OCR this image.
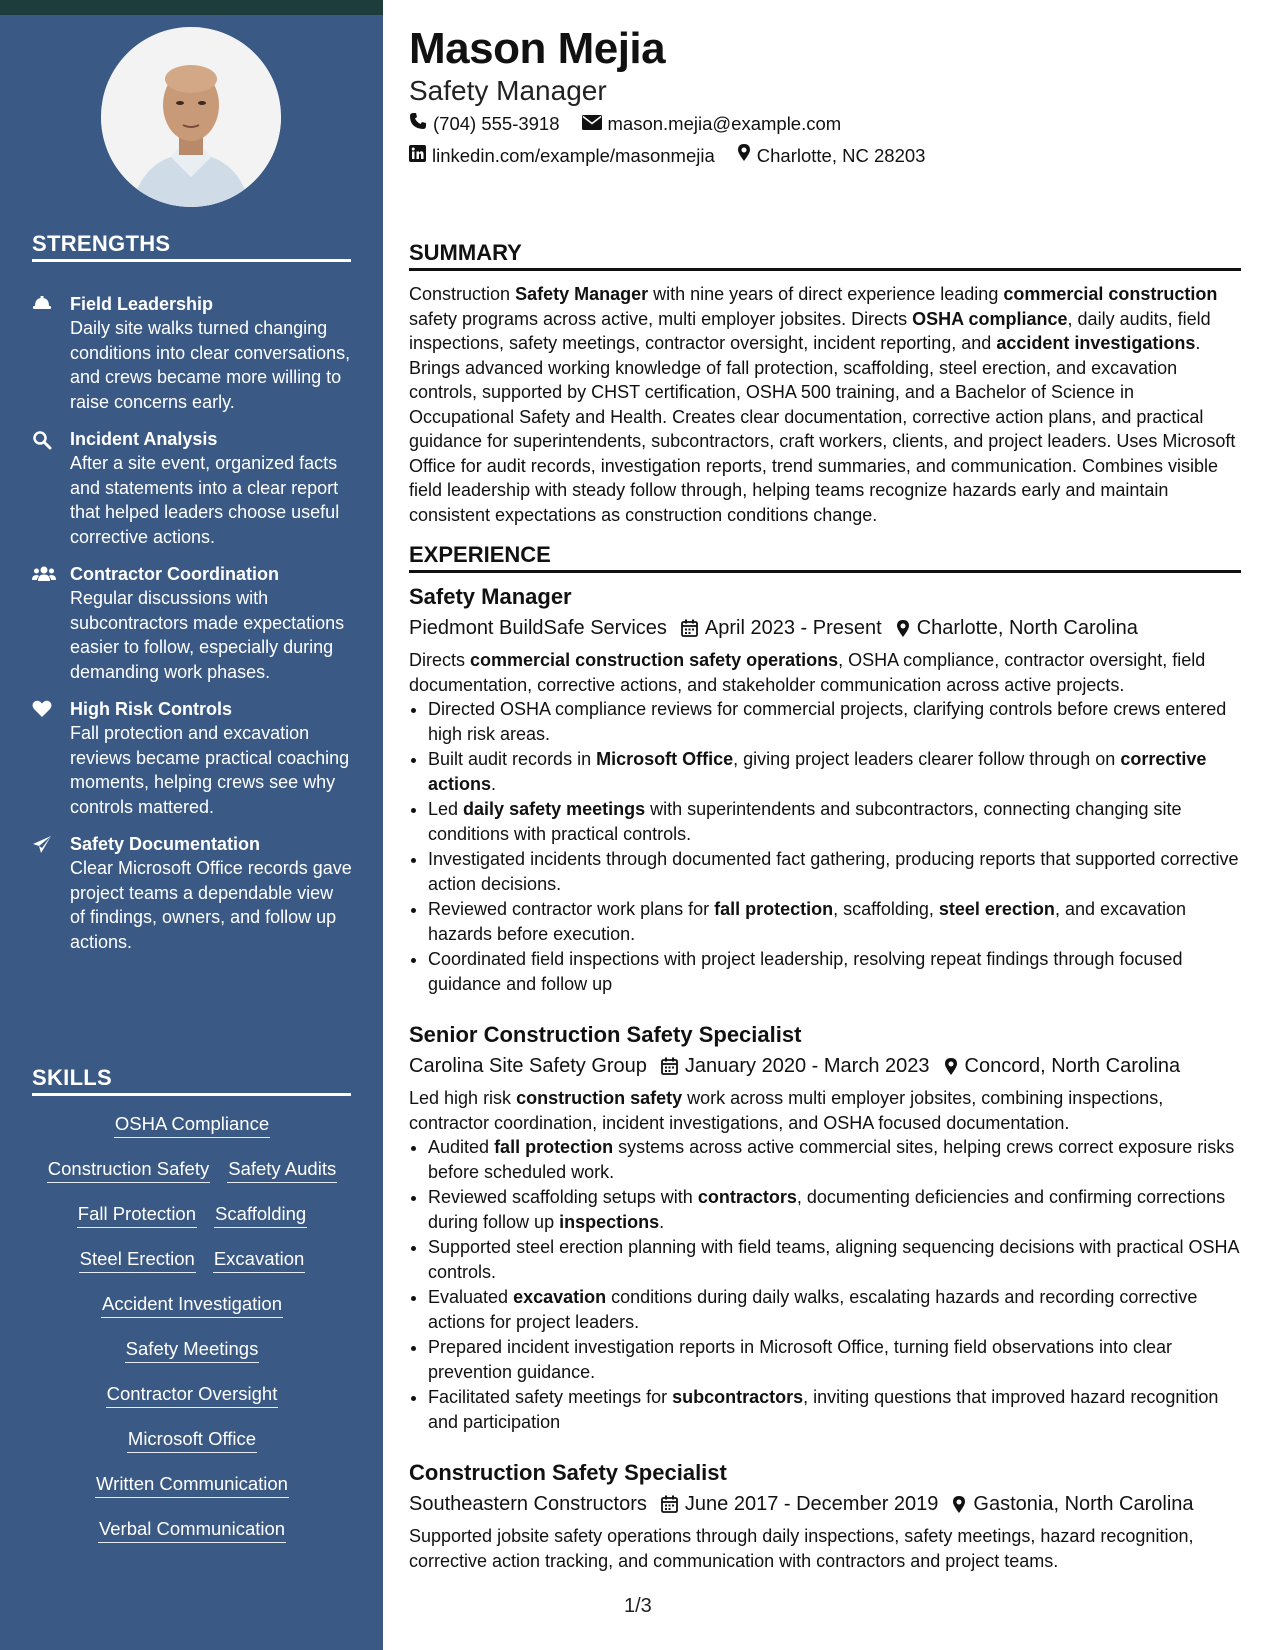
STRENGTHS
Field Leadership
Daily site walks turned changing conditions into clear conversations, and crews became more willing to raise concerns early.
Incident Analysis
After a site event, organized facts and statements into a clear report that helped leaders choose useful corrective actions.
Contractor Coordination
Regular discussions with subcontractors made expectations easier to follow, especially during demanding work phases.
High Risk Controls
Fall protection and excavation reviews became practical coaching moments, helping crews see why controls mattered.
Safety Documentation
Clear Microsoft Office records gave project teams a dependable view of findings, owners, and follow up actions.
SKILLS
OSHA Compliance
Construction Safety Safety Audits
Fall Protection Scaffolding
Steel Erection Excavation
Accident Investigation
Safety Meetings
Contractor Oversight
Microsoft Office
Written Communication
Verbal Communication
Mason Mejia
Safety Manager
(704) 555-3918	mason.mejia@example.com
linkedin.com/example/masonmejia Charlotte, NC 28203
SUMMARY

Construction Safety Manager with nine years of direct experience leading commercial construction safety programs across active, multi employer jobsites. Directs OSHA compliance, daily audits, field inspections, safety meetings, contractor oversight, incident reporting, and accident investigations. Brings advanced working knowledge of fall protection, scaffolding, steel erection, and excavation controls, supported by CHST certification, OSHA 500 training, and a Bachelor of Science in Occupational Safety and Health. Creates clear documentation, corrective action plans, and practical guidance for superintendents, subcontractors, craft workers, clients, and project leaders. Uses Microsoft Office for audit records, investigation reports, trend summaries, and communication. Combines visible field leadership with steady follow through, helping teams recognize hazards early and maintain consistent expectations as construction conditions change.

EXPERIENCE
Safety Manager
Piedmont BuildSafe Services April 2023 - Present Charlotte, North Carolina

Directs commercial construction safety operations, OSHA compliance, contractor oversight, field documentation, corrective actions, and stakeholder communication across active projects.

• Directed OSHA compliance reviews for commercial projects, clarifying controls before crews entered high risk areas.
• Built audit records in Microsoft Office, giving project leaders clearer follow through on corrective actions.
• Led daily safety meetings with superintendents and subcontractors, connecting changing site conditions with practical controls.
• Investigated incidents through documented fact gathering, producing reports that supported corrective action decisions.
• Reviewed contractor work plans for fall protection, scaffolding, steel erection, and excavation hazards before execution.
• Coordinated field inspections with project leadership, resolving repeat findings through focused guidance and follow up
Senior Construction Safety Specialist
Carolina Site Safety Group January 2020 - March 2023 Concord, North Carolina

Led high risk construction safety work across multi employer jobsites, combining inspections, contractor coordination, incident investigations, and OSHA focused documentation.

• Audited fall protection systems across active commercial sites, helping crews correct exposure risks before scheduled work.
• Reviewed scaffolding setups with contractors, documenting deficiencies and confirming corrections during follow up inspections.
• Supported steel erection planning with field teams, aligning sequencing decisions with practical OSHA controls.
• Evaluated excavation conditions during daily walks, escalating hazards and recording corrective actions for project leaders.
• Prepared incident investigation reports in Microsoft Office, turning field observations into clear prevention guidance.
• Facilitated safety meetings for subcontractors, inviting questions that improved hazard recognition and participation
Construction Safety Specialist
Southeastern Constructors June 2017 - December 2019 Gastonia, North Carolina

Supported jobsite safety operations through daily inspections, safety meetings, hazard recognition, corrective action tracking, and communication with contractors and project teams.

1/3
